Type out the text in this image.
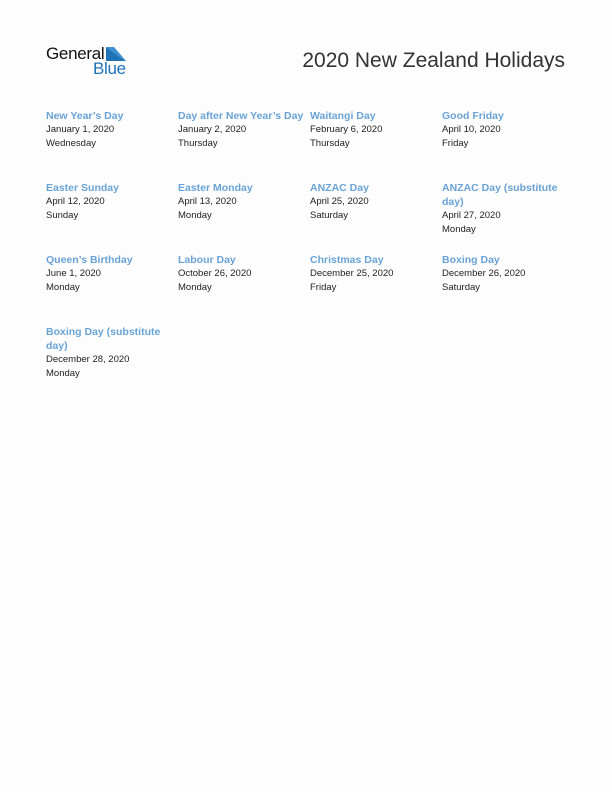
General
Blue	2020 New Zealand Holidays
New Year’s Day
January 1, 2020
Wednesday
Day after New Year’s Day
January 2, 2020
Thursday
Waitangi Day
February 6, 2020
Thursday
Good Friday
April 10, 2020
Friday
Easter Sunday
April 12, 2020
Sunday
Easter Monday
April 13, 2020
Monday
ANZAC Day
April 25, 2020
Saturday
ANZAC Day (substitute day)
April 27, 2020
Monday
Queen’s Birthday
June 1, 2020
Monday
Labour Day
October 26, 2020
Monday
Christmas Day
December 25, 2020
Friday
Boxing Day
December 26, 2020
Saturday
Boxing Day (substitute day)
December 28, 2020
Monday
